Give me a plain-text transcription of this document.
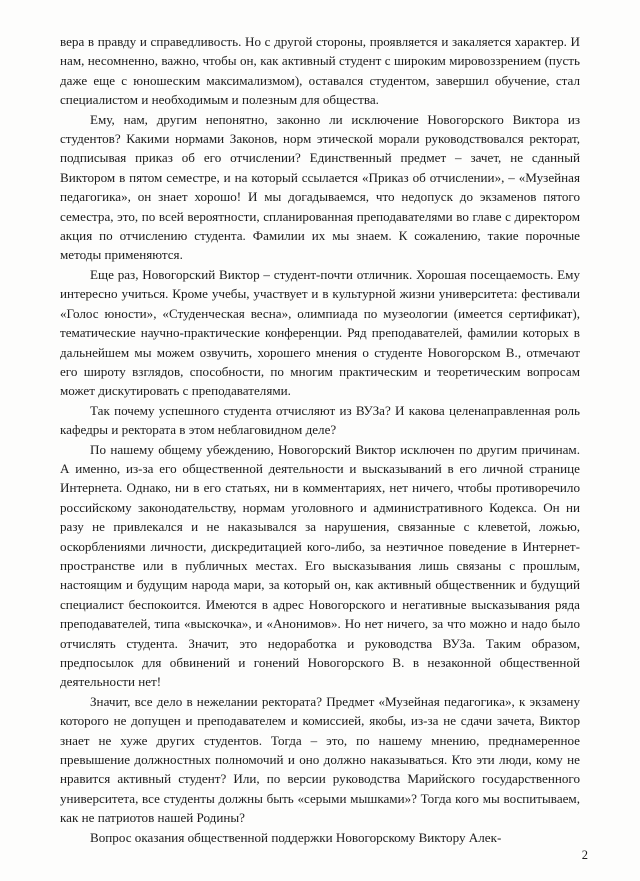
вера в правду и справедливость. Но с другой стороны, проявляется и закаляется характер. И нам, несомненно, важно, чтобы он, как активный студент с широким мировоззрением (пусть даже еще с юношеским максимализмом), оставался студентом, завершил обучение, стал специалистом и необходимым и полезным для общества.

Ему, нам, другим непонятно, законно ли исключение Новогорского Виктора из студентов? Какими нормами Законов, норм этической морали руководствовался ректорат, подписывая приказ об его отчислении? Единственный предмет – зачет, не сданный Виктором в пятом семестре, и на который ссылается «Приказ об отчислении», – «Музейная педагогика», он знает хорошо! И мы догадываемся, что недопуск до экзаменов пятого семестра, это, по всей вероятности, спланированная преподавателями во главе с директором акция по отчислению студента. Фамилии их мы знаем. К сожалению, такие порочные методы применяются.

Еще раз, Новогорский Виктор – студент-почти отличник. Хорошая посещаемость. Ему интересно учиться. Кроме учебы, участвует и в культурной жизни университета: фестивали «Голос юности», «Студенческая весна», олимпиада по музеологии (имеется сертификат), тематические научно-практические конференции. Ряд преподавателей, фамилии которых в дальнейшем мы можем озвучить, хорошего мнения о студенте Новогорском В., отмечают его широту взглядов, способности, по многим практическим и теоретическим вопросам может дискутировать с преподавателями.

Так почему успешного студента отчисляют из ВУЗа? И какова целенаправленная роль кафедры и ректората в этом неблаговидном деле?

По нашему общему убеждению, Новогорский Виктор исключен по другим причинам. А именно, из-за его общественной деятельности и высказываний в его личной странице Интернета. Однако, ни в его статьях, ни в комментариях, нет ничего, чтобы противоречило российскому законодательству, нормам уголовного и административного Кодекса. Он ни разу не привлекался и не наказывался за нарушения, связанные с клеветой, ложью, оскорблениями личности, дискредитацией кого-либо, за неэтичное поведение в Интернет-пространстве или в публичных местах. Его высказывания лишь связаны с прошлым, настоящим и будущим народа мари, за который он, как активный общественник и будущий специалист беспокоится. Имеются в адрес Новогорского и негативные высказывания ряда преподавателей, типа «выскочка», и «Анонимов». Но нет ничего, за что можно и надо было отчислять студента. Значит, это недоработка и руководства ВУЗа. Таким образом, предпосылок для обвинений и гонений Новогорского В. в незаконной общественной деятельности нет!

Значит, все дело в нежелании ректората? Предмет «Музейная педагогика», к экзамену которого не допущен и преподавателем и комиссией, якобы, из-за не сдачи зачета, Виктор знает не хуже других студентов. Тогда – это, по нашему мнению, преднамеренное превышение должностных полномочий и оно должно наказываться. Кто эти люди, кому не нравится активный студент? Или, по версии руководства Марийского государственного университета, все студенты должны быть «серыми мышками»? Тогда кого мы воспитываем, как не патриотов нашей Родины?

Вопрос оказания общественной поддержки Новогорскому Виктору Алек-

2
